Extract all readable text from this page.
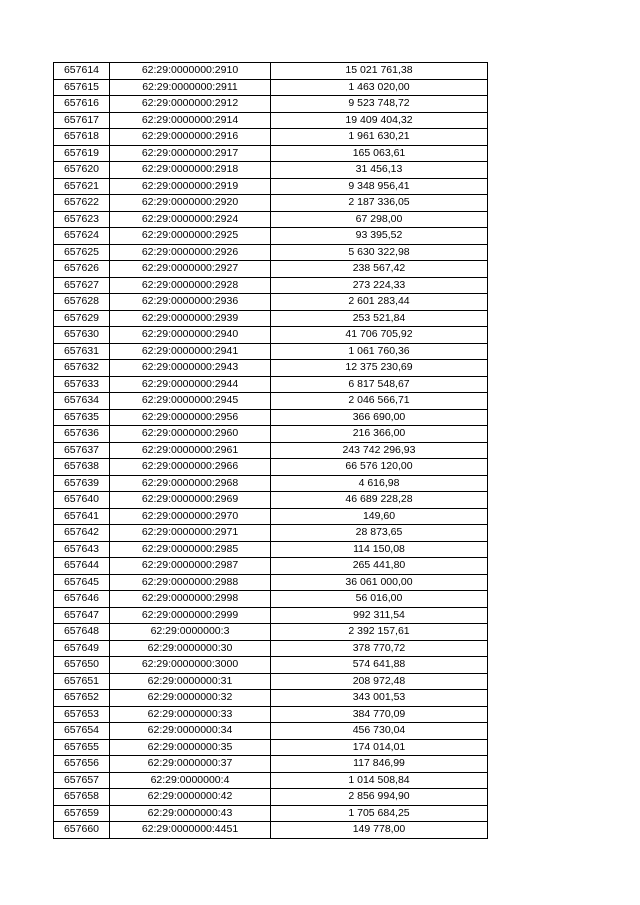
657614	62:29:0000000:2910	15 021 761,38
657615	62:29:0000000:2911	1 463 020,00
657616	62:29:0000000:2912	9 523 748,72
657617	62:29:0000000:2914	19 409 404,32
657618	62:29:0000000:2916	1 961 630,21
657619	62:29:0000000:2917	165 063,61
657620	62:29:0000000:2918	31 456,13
657621	62:29:0000000:2919	9 348 956,41
657622	62:29:0000000:2920	2 187 336,05
657623	62:29:0000000:2924	67 298,00
657624	62:29:0000000:2925	93 395,52
657625	62:29:0000000:2926	5 630 322,98
657626	62:29:0000000:2927	238 567,42
657627	62:29:0000000:2928	273 224,33
657628	62:29:0000000:2936	2 601 283,44
657629	62:29:0000000:2939	253 521,84
657630	62:29:0000000:2940	41 706 705,92
657631	62:29:0000000:2941	1 061 760,36
657632	62:29:0000000:2943	12 375 230,69
657633	62:29:0000000:2944	6 817 548,67
657634	62:29:0000000:2945	2 046 566,71
657635	62:29:0000000:2956	366 690,00
657636	62:29:0000000:2960	216 366,00
657637	62:29:0000000:2961	243 742 296,93
657638	62:29:0000000:2966	66 576 120,00
657639	62:29:0000000:2968	4 616,98
657640	62:29:0000000:2969	46 689 228,28
657641	62:29:0000000:2970	149,60
657642	62:29:0000000:2971	28 873,65
657643	62:29:0000000:2985	114 150,08
657644	62:29:0000000:2987	265 441,80
657645	62:29:0000000:2988	36 061 000,00
657646	62:29:0000000:2998	56 016,00
657647	62:29:0000000:2999	992 311,54
657648	62:29:0000000:3	2 392 157,61
657649	62:29:0000000:30	378 770,72
657650	62:29:0000000:3000	574 641,88
657651	62:29:0000000:31	208 972,48
657652	62:29:0000000:32	343 001,53
657653	62:29:0000000:33	384 770,09
657654	62:29:0000000:34	456 730,04
657655	62:29:0000000:35	174 014,01
657656	62:29:0000000:37	117 846,99
657657	62:29:0000000:4	1 014 508,84
657658	62:29:0000000:42	2 856 994,90
657659	62:29:0000000:43	1 705 684,25
657660	62:29:0000000:4451	149 778,00
